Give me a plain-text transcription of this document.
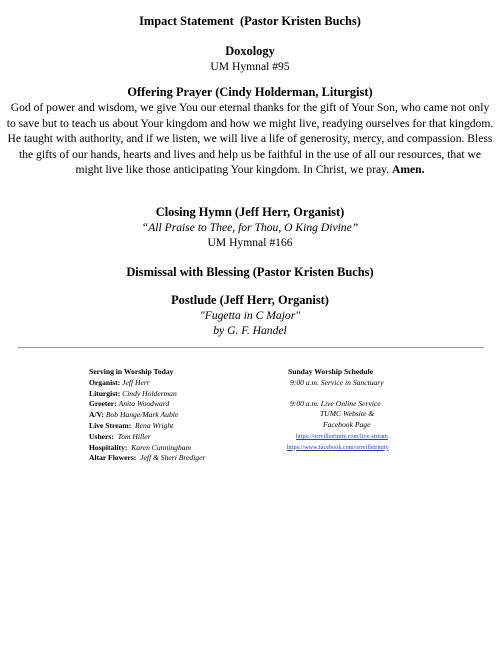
Impact Statement (Pastor Kristen Buchs)
Doxology
UM Hymnal #95
Offering Prayer (Cindy Holderman, Liturgist)

God of power and wisdom, we give You our eternal thanks for the gift of Your Son, who came not only to save but to teach us about Your kingdom and how we might live, readying ourselves for that kingdom. He taught with authority, and if we listen, we will live a life of generosity, mercy, and compassion. Bless the gifts of our hands, hearts and lives and help us be faithful in the use of all our resources, that we might live like those anticipating Your kingdom. In Christ, we pray. Amen.

Closing Hymn (Jeff Herr, Organist)
“All Praise to Thee, for Thou, O King Divine”
UM Hymnal #166
Dismissal with Blessing (Pastor Kristen Buchs)
Postlude (Jeff Herr, Organist)
"Fugetta in C Major"
by G. F. Handel
Serving in Worship Today
Organist: Jeff Herr
Liturgist: Cindy Holderman
Greeter: Anita Woodward
A/V: Bob Hange/Mark Auble
Live Stream: Rena Wright
Ushers: Tom Hiller
Hospitality: Karen Cunningham
Altar Flowers: Jeff & Sheri Brediger
Sunday Worship Schedule
9:00 a.m. Service in Sanctuary
9:00 a.m. Live Online Service
TUMC Website &
Facebook Page
https://orrvilletrinity.com/live-stream
https://www.facebook.com/orrvilletrinity
